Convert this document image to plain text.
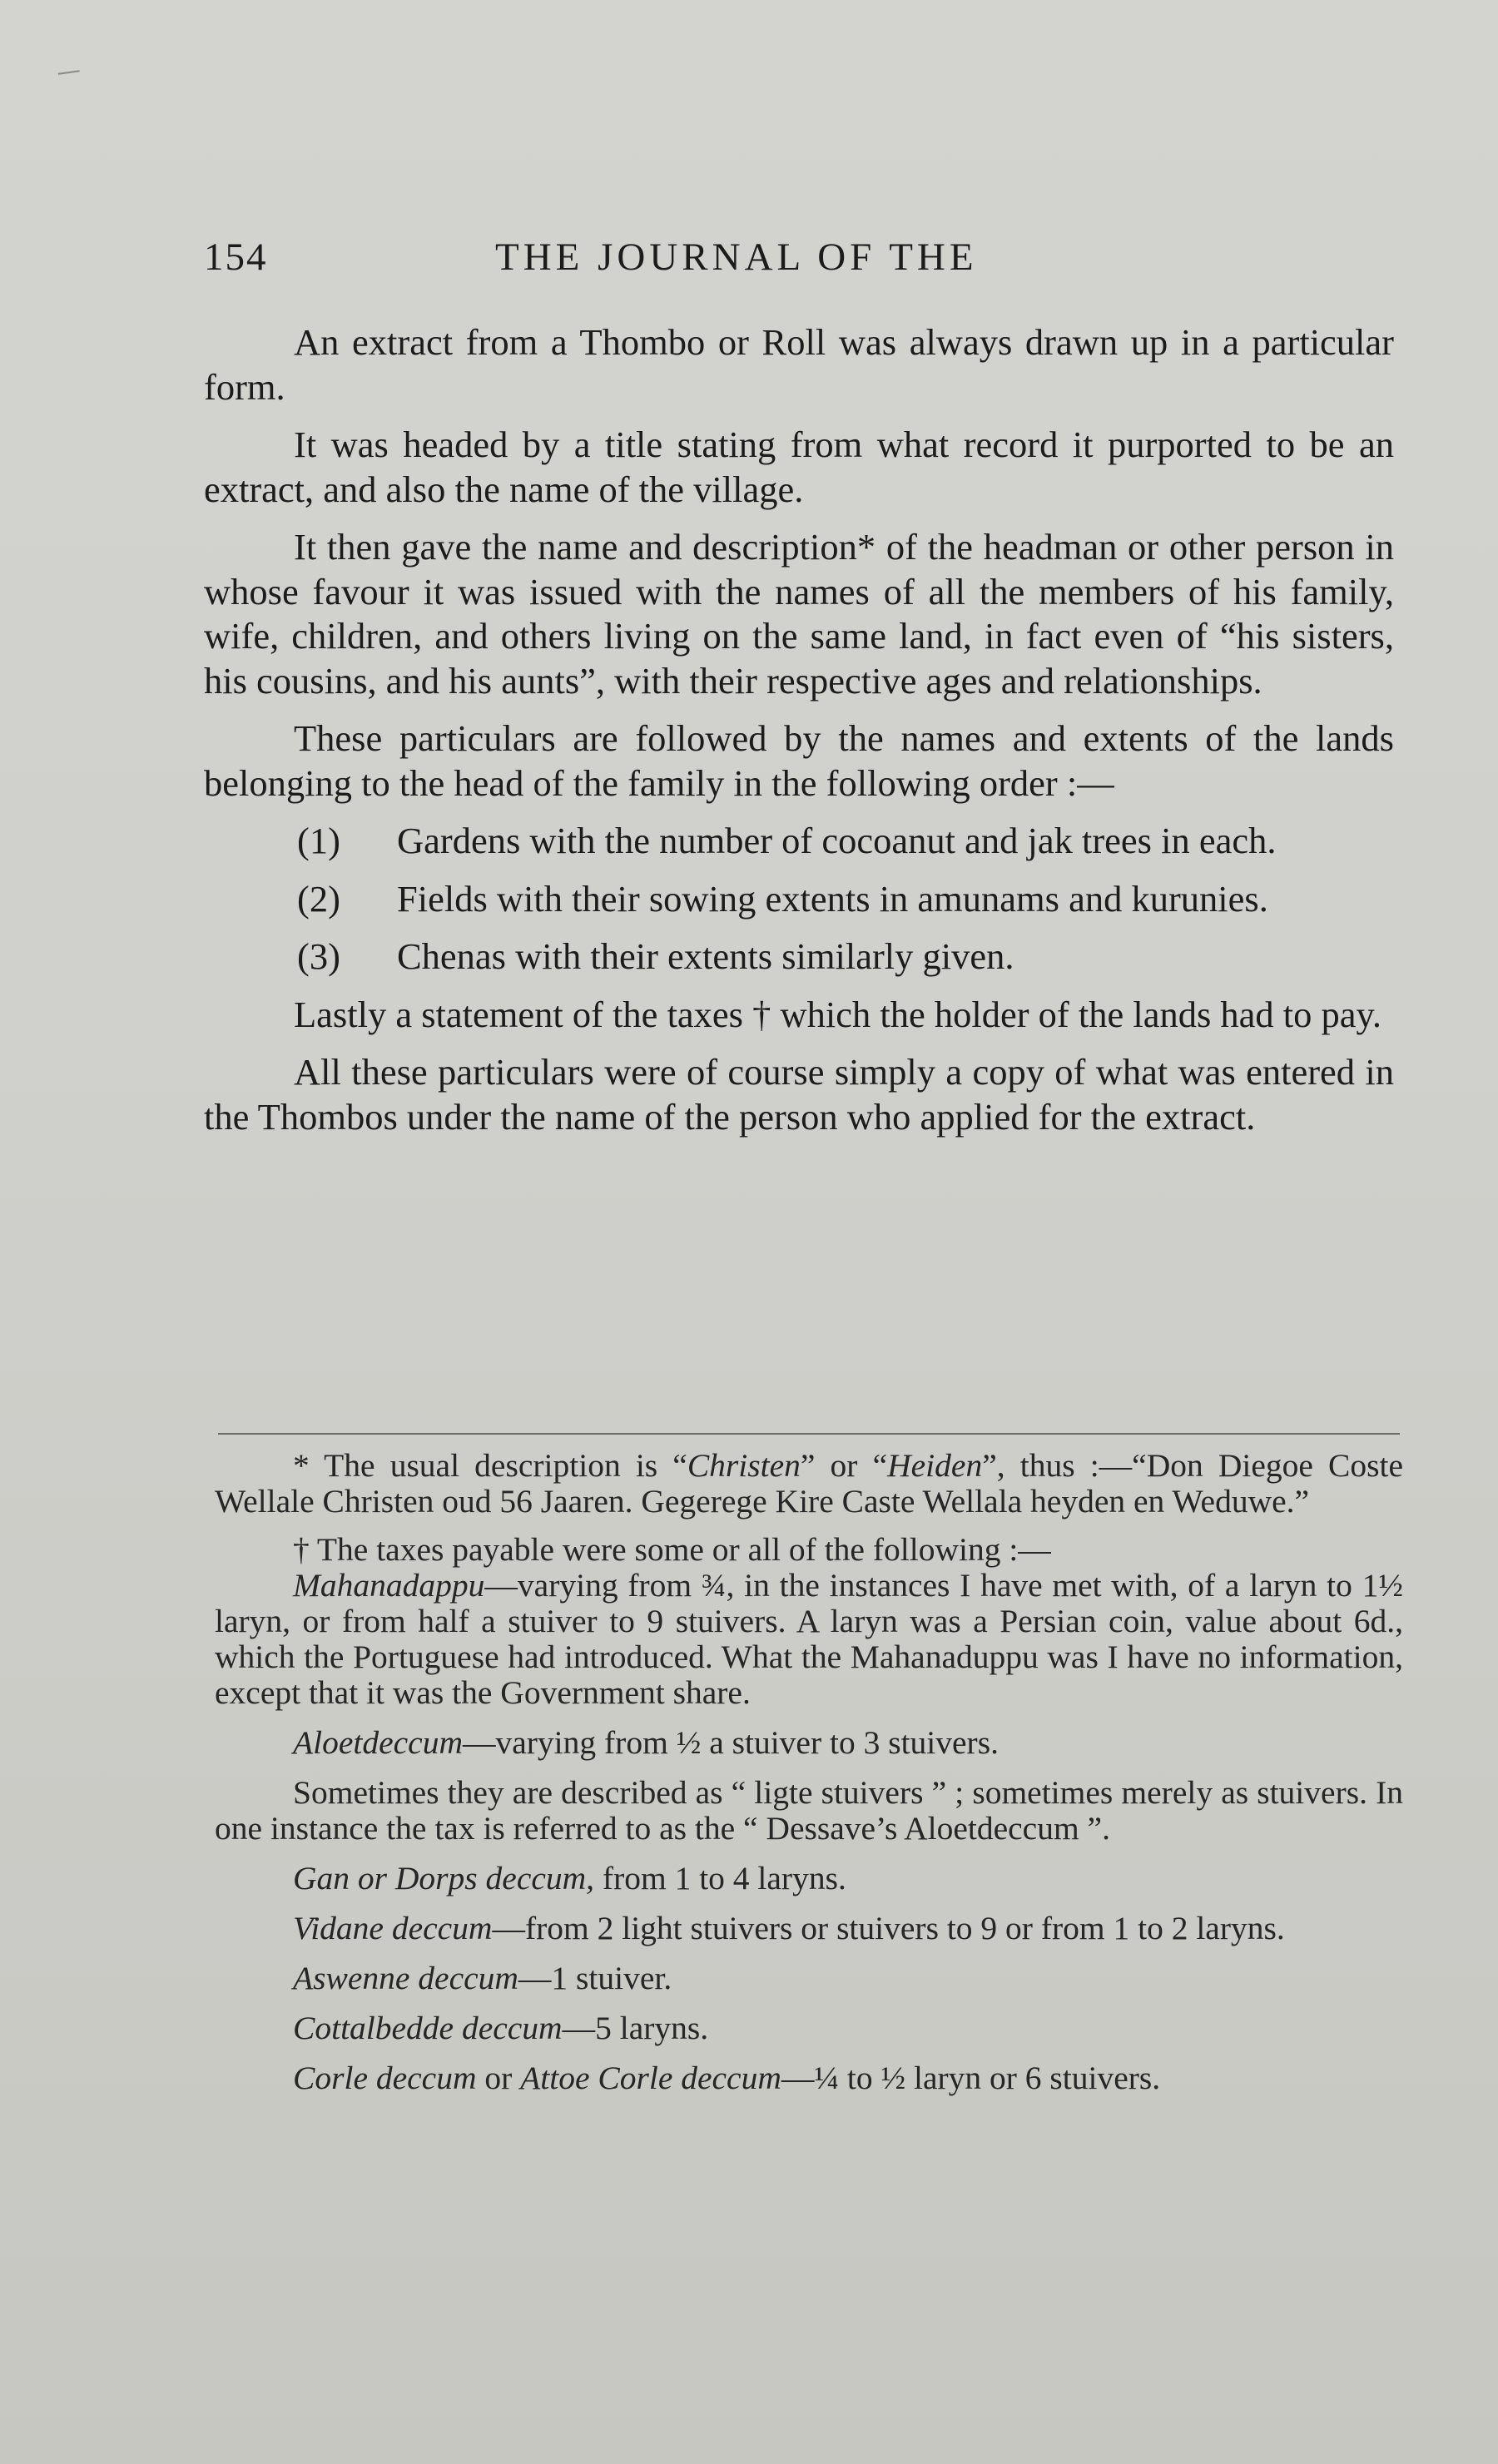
154	THE JOURNAL OF THE

An extract from a Thombo or Roll was always drawn up in a particular form.

It was headed by a title stating from what record it purported to be an extract, and also the name of the village.

It then gave the name and description* of the headman or other person in whose favour it was issued with the names of all the members of his family, wife, children, and others living on the same land, in fact even of “his sisters, his cousins, and his aunts”, with their respective ages and relationships.

These particulars are followed by the names and extents of the lands belonging to the head of the family in the following order :—

(1) Gardens with the number of cocoanut and jak trees in each.
(2) Fields with their sowing extents in amunams and kurunies.
(3) Chenas with their extents similarly given.

Lastly a statement of the taxes † which the holder of the lands had to pay.

All these particulars were of course simply a copy of what was entered in the Thombos under the name of the person who applied for the extract.

* The usual description is “Christen” or “Heiden”, thus :—“Don Diegoe Coste Wellale Christen oud 56 Jaaren. Gegerege Kire Caste Wellala heyden en Weduwe.”

† The taxes payable were some or all of the following :—

Mahanadappu—varying from ¾, in the instances I have met with, of a laryn to 1½ laryn, or from half a stuiver to 9 stuivers. A laryn was a Persian coin, value about 6d., which the Portuguese had introduced. What the Mahanaduppu was I have no information, except that it was the Government share.

Aloetdeccum—varying from ½ a stuiver to 3 stuivers.

Sometimes they are described as “ ligte stuivers ” ; sometimes merely as stuivers. In one instance the tax is referred to as the “ Dessave’s Aloetdeccum ”.

Gan or Dorps deccum, from 1 to 4 laryns.

Vidane deccum—from 2 light stuivers or stuivers to 9 or from 1 to 2 laryns.

Aswenne deccum—1 stuiver.

Cottalbedde deccum—5 laryns.

Corle deccum or Attoe Corle deccum—¼ to ½ laryn or 6 stuivers.
